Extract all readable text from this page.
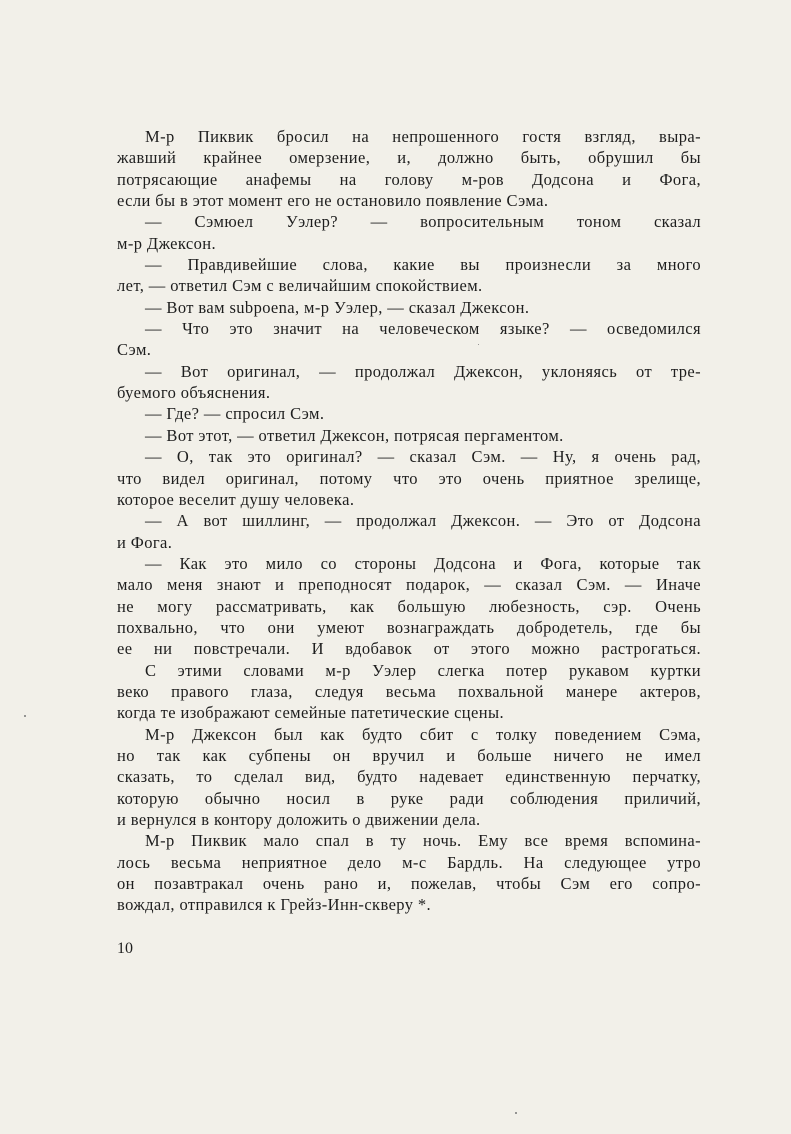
М-р Пиквик бросил на непрошенного гостя взгляд, выра-
жавший крайнее омерзение, и, должно быть, обрушил бы
потрясающие анафемы на голову м-ров Додсона и Фога,
если бы в этот момент его не остановило появление Сэма.
— Сэмюел Уэлер? — вопросительным тоном сказал
м-р Джексон.
— Правдивейшие слова, какие вы произнесли за много
лет, — ответил Сэм с величайшим спокойствием.
— Вот вам subpoena, м-р Уэлер, — сказал Джексон.
— Что это значит на человеческом языке? — осведомился
Сэм.
— Вот оригинал, — продолжал Джексон, уклоняясь от тре-
буемого объяснения.
— Где? — спросил Сэм.
— Вот этот, — ответил Джексон, потрясая пергаментом.
— О, так это оригинал? — сказал Сэм. — Ну, я очень рад,
что видел оригинал, потому что это очень приятное зрелище,
которое веселит душу человека.
— А вот шиллинг, — продолжал Джексон. — Это от Додсона
и Фога.
— Как это мило со стороны Додсона и Фога, которые так
мало меня знают и преподносят подарок, — сказал Сэм. — Иначе
не могу рассматривать, как большую любезность, сэр. Очень
похвально, что они умеют вознаграждать добродетель, где бы
ее ни повстречали. И вдобавок от этого можно растрогаться.
С этими словами м-р Уэлер слегка потер рукавом куртки
веко правого глаза, следуя весьма похвальной манере актеров,
когда те изображают семейные патетические сцены.
М-р Джексон был как будто сбит с толку поведением Сэма,
но так как субпены он вручил и больше ничего не имел
сказать, то сделал вид, будто надевает единственную перчатку,
которую обычно носил в руке ради соблюдения приличий,
и вернулся в контору доложить о движении дела.
М-р Пиквик мало спал в ту ночь. Ему все время вспомина-
лось весьма неприятное дело м-с Бардль. На следующее утро
он позавтракал очень рано и, пожелав, чтобы Сэм его сопро-
вождал, отправился к Грейз-Инн-скверу *.
10
